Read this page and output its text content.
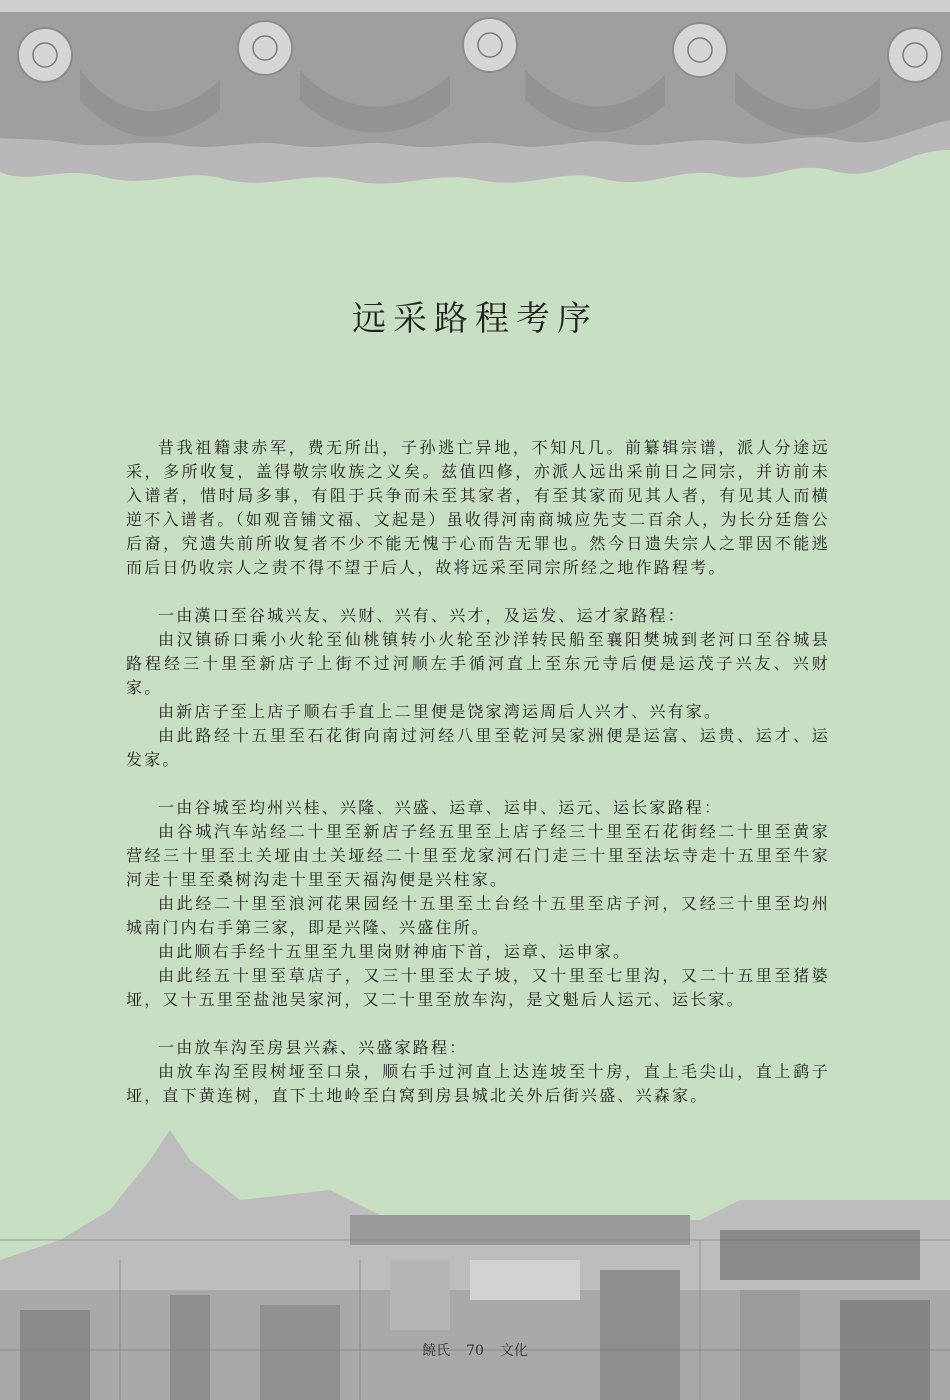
远采路程考序

昔我祖籍隶赤军，费无所出，子孙逃亡异地，不知凡几。前纂辑宗谱，派人分途远采，多所收复，盖得敬宗收族之义矣。兹值四修，亦派人远出采前日之同宗，并访前未入谱者，惜时局多事，有阻于兵争而未至其家者，有至其家而见其人者，有见其人而横逆不入谱者。（如观音铺文福、文起是）虽收得河南商城应先支二百余人，为长分廷詹公后裔，究遗失前所收复者不少不能无愧于心而告无罪也。然今日遗失宗人之罪因不能逃而后日仍收宗人之责不得不望于后人，故将远采至同宗所经之地作路程考。

一由漢口至谷城兴友、兴财、兴有、兴才，及运发、运才家路程：

由汉镇硚口乘小火轮至仙桃镇转小火轮至沙洋转民船至襄阳樊城到老河口至谷城县路程经三十里至新店子上街不过河顺左手循河直上至东元寺后便是运茂子兴友、兴财家。

由新店子至上店子顺右手直上二里便是饶家湾运周后人兴才、兴有家。

由此路经十五里至石花街向南过河经八里至乾河吴家洲便是运富、运贵、运才、运发家。

一由谷城至均州兴桂、兴隆、兴盛、运章、运申、运元、运长家路程：

由谷城汽车站经二十里至新店子经五里至上店子经三十里至石花街经二十里至黄家营经三十里至土关垭由土关垭经二十里至龙家河石门走三十里至法坛寺走十五里至牛家河走十里至桑树沟走十里至天福沟便是兴柱家。

由此经二十里至浪河花果园经十五里至土台经十五里至店子河，又经三十里至均州城南门内右手第三家，即是兴隆、兴盛住所。

由此顺右手经十五里至九里岗财神庙下首，运章、运申家。

由此经五十里至草店子，又三十里至太子坡，又十里至七里沟，又二十五里至猪婆垭，又十五里至盐池吴家河，又二十里至放车沟，是文魁后人运元、运长家。

一由放车沟至房县兴森、兴盛家路程：

由放车沟至叚树垭至口泉，顺右手过河直上达连坡至十房，直上毛尖山，直上鹞子垭，直下黄连树，直下土地岭至白窝到房县城北关外后街兴盛、兴森家。

饒氏 70 文化
